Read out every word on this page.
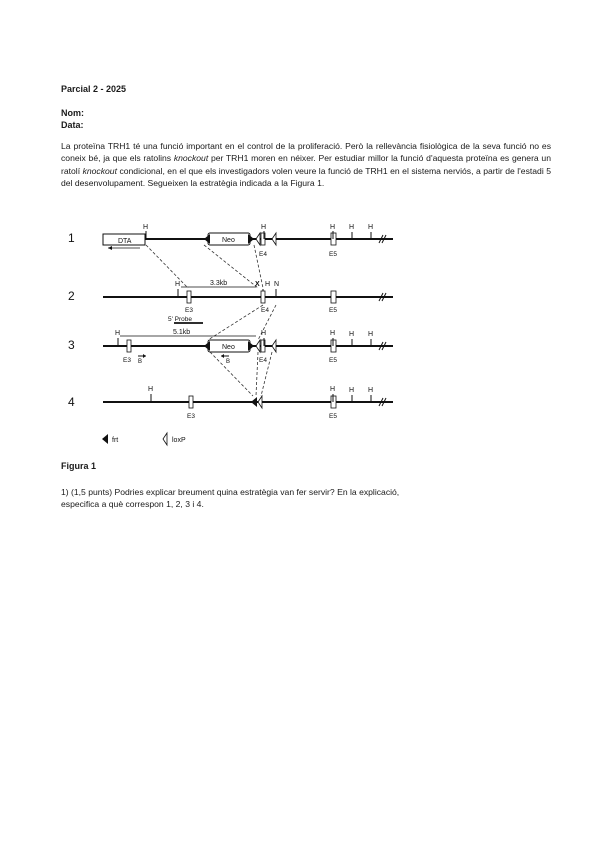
Parcial 2 - 2025
Nom:
Data:
La proteïna TRH1 té una funció important en el control de la proliferació. Però la rellevància fisiològica de la seva funció no es coneix bé, ja que els ratolins knockout per TRH1 moren en néixer. Per estudiar millor la funció d'aquesta proteïna es genera un ratolí knockout condicional, en el que els investigadors volen veure la funció de TRH1 en el sistema nerviós, a partir de l'estadi 5 del desenvolupament. Segueixen la estratègia indicada a la Figura 1.
1
2
3
4
DTA
H
Neo
H
E4
H
E5
H H
H	3.3kb
E3
5' Probe
X H
E4
N
E5
H	5.1kb
E3 B
Neo
B
H
E4
H
E5
H H
H
E3
H
E5
H H
frt	loxP
Figura 1
1) (1,5 punts) Podries explicar breument quina estratègia van fer servir? En la explicació,
especifica a què correspon 1, 2, 3 i 4.
